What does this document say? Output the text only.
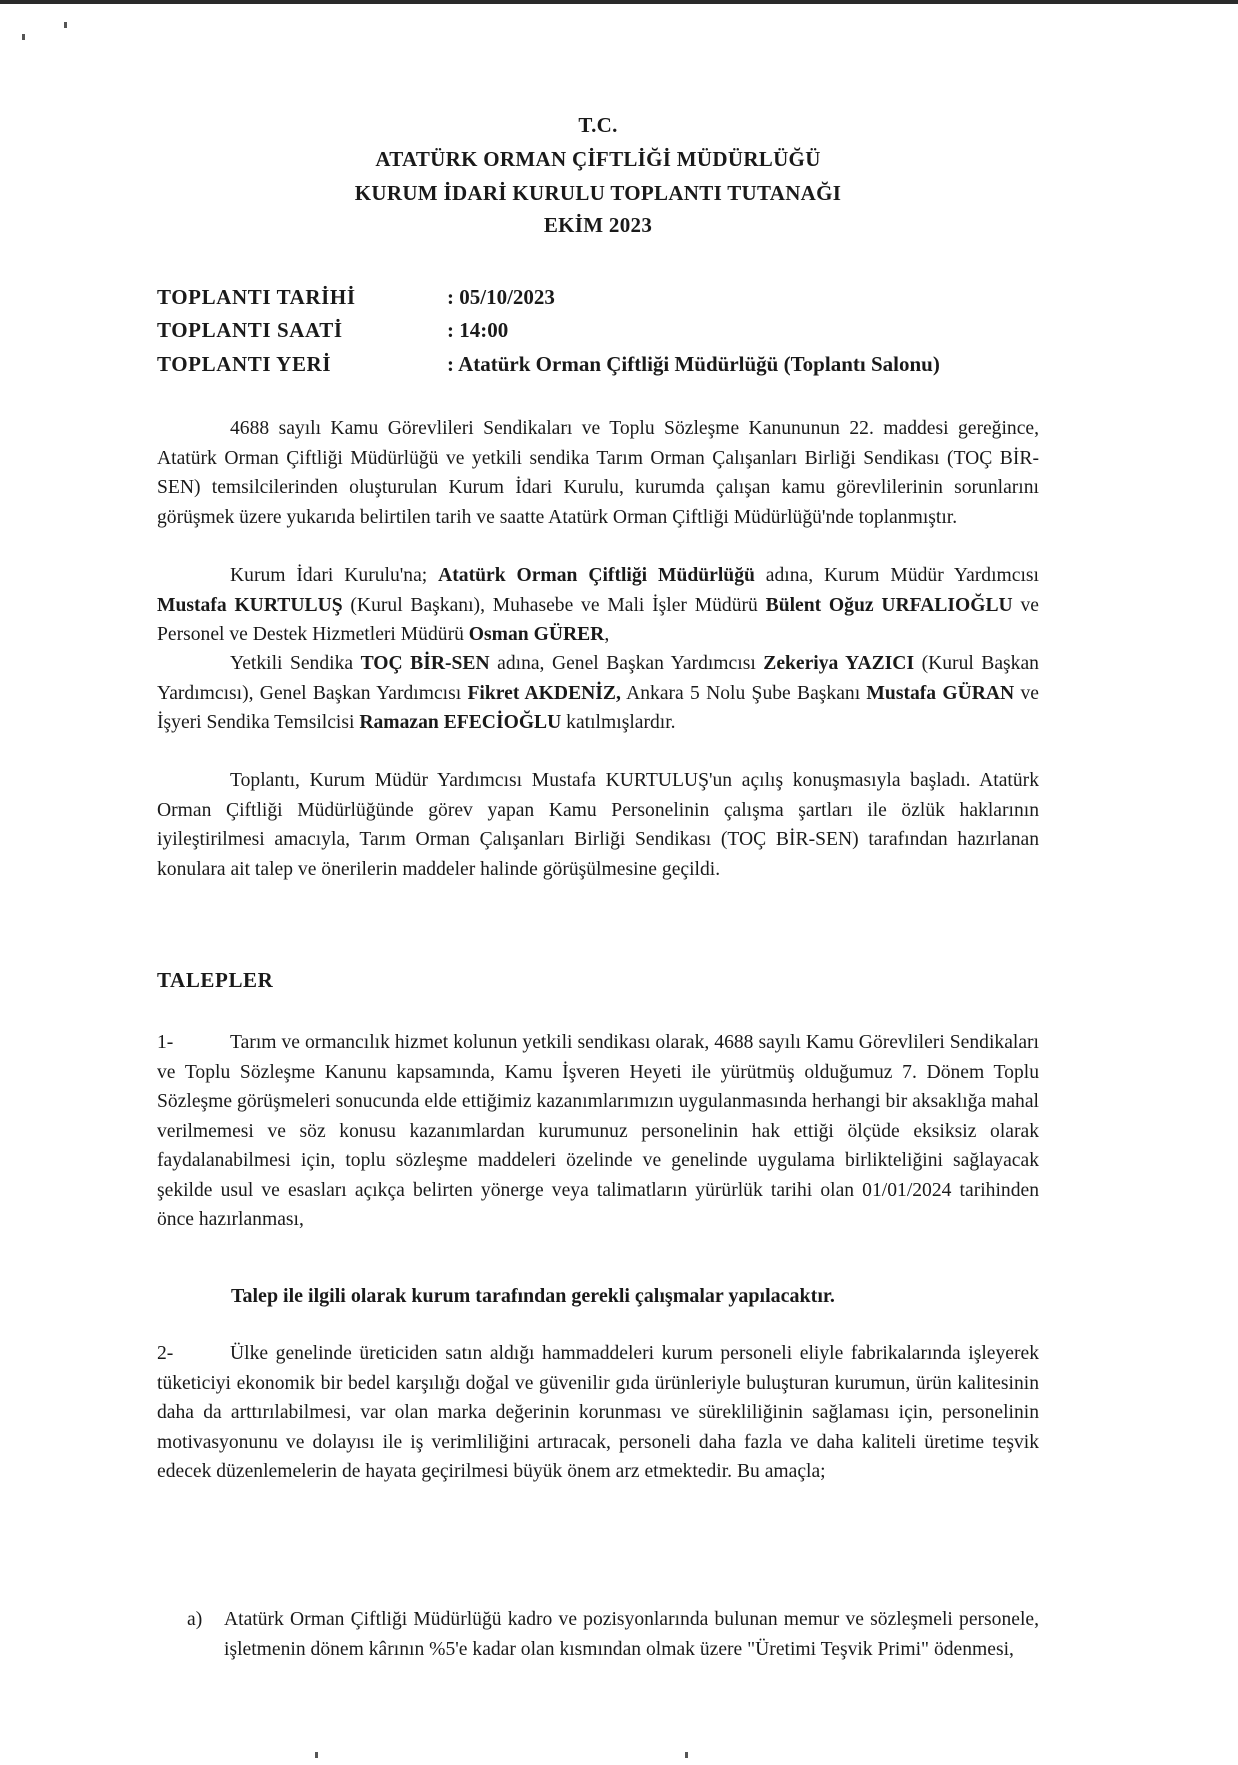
T.C.
ATATÜRK ORMAN ÇİFTLİĞİ MÜDÜRLÜĞÜ
KURUM İDARİ KURULU TOPLANTI TUTANAĞI
EKİM 2023
TOPLANTI TARİHİ	: 05/10/2023
TOPLANTI SAATİ	: 14:00
TOPLANTI YERİ	: Atatürk Orman Çiftliği Müdürlüğü (Toplantı Salonu)
4688 sayılı Kamu Görevlileri Sendikaları ve Toplu Sözleşme Kanununun 22. maddesi gereğince, Atatürk Orman Çiftliği Müdürlüğü ve yetkili sendika Tarım Orman Çalışanları Birliği Sendikası (TOÇ BİR-SEN) temsilcilerinden oluşturulan Kurum İdari Kurulu, kurumda çalışan kamu görevlilerinin sorunlarını görüşmek üzere yukarıda belirtilen tarih ve saatte Atatürk Orman Çiftliği Müdürlüğü'nde toplanmıştır.
Kurum İdari Kurulu'na; Atatürk Orman Çiftliği Müdürlüğü adına, Kurum Müdür Yardımcısı Mustafa KURTULUŞ (Kurul Başkanı), Muhasebe ve Mali İşler Müdürü Bülent Oğuz URFALIOĞLU ve Personel ve Destek Hizmetleri Müdürü Osman GÜRER,
Yetkili Sendika TOÇ BİR-SEN adına, Genel Başkan Yardımcısı Zekeriya YAZICI (Kurul Başkan Yardımcısı), Genel Başkan Yardımcısı Fikret AKDENİZ, Ankara 5 Nolu Şube Başkanı Mustafa GÜRAN ve İşyeri Sendika Temsilcisi Ramazan EFECİOĞLU katılmışlardır.
Toplantı, Kurum Müdür Yardımcısı Mustafa KURTULUŞ'un açılış konuşmasıyla başladı. Atatürk Orman Çiftliği Müdürlüğünde görev yapan Kamu Personelinin çalışma şartları ile özlük haklarının iyileştirilmesi amacıyla, Tarım Orman Çalışanları Birliği Sendikası (TOÇ BİR-SEN) tarafından hazırlanan konulara ait talep ve önerilerin maddeler halinde görüşülmesine geçildi.
TALEPLER
1-	Tarım ve ormancılık hizmet kolunun yetkili sendikası olarak, 4688 sayılı Kamu Görevlileri Sendikaları ve Toplu Sözleşme Kanunu kapsamında, Kamu İşveren Heyeti ile yürütmüş olduğumuz 7. Dönem Toplu Sözleşme görüşmeleri sonucunda elde ettiğimiz kazanımlarımızın uygulanmasında herhangi bir aksaklığa mahal verilmemesi ve söz konusu kazanımlardan kurumunuz personelinin hak ettiği ölçüde eksiksiz olarak faydalanabilmesi için, toplu sözleşme maddeleri özelinde ve genelinde uygulama birlikteliğini sağlayacak şekilde usul ve esasları açıkça belirten yönerge veya talimatların yürürlük tarihi olan 01/01/2024 tarihinden önce hazırlanması,
Talep ile ilgili olarak kurum tarafından gerekli çalışmalar yapılacaktır.
2-	Ülke genelinde üreticiden satın aldığı hammaddeleri kurum personeli eliyle fabrikalarında işleyerek tüketiciyi ekonomik bir bedel karşılığı doğal ve güvenilir gıda ürünleriyle buluşturan kurumun, ürün kalitesinin daha da arttırılabilmesi, var olan marka değerinin korunması ve sürekliliğinin sağlaması için, personelinin motivasyonunu ve dolayısı ile iş verimliliğini artıracak, personeli daha fazla ve daha kaliteli üretime teşvik edecek düzenlemelerin de hayata geçirilmesi büyük önem arz etmektedir. Bu amaçla;
a) Atatürk Orman Çiftliği Müdürlüğü kadro ve pozisyonlarında bulunan memur ve sözleşmeli personele, işletmenin dönem kârının %5'e kadar olan kısmından olmak üzere "Üretimi Teşvik Primi" ödenmesi,
